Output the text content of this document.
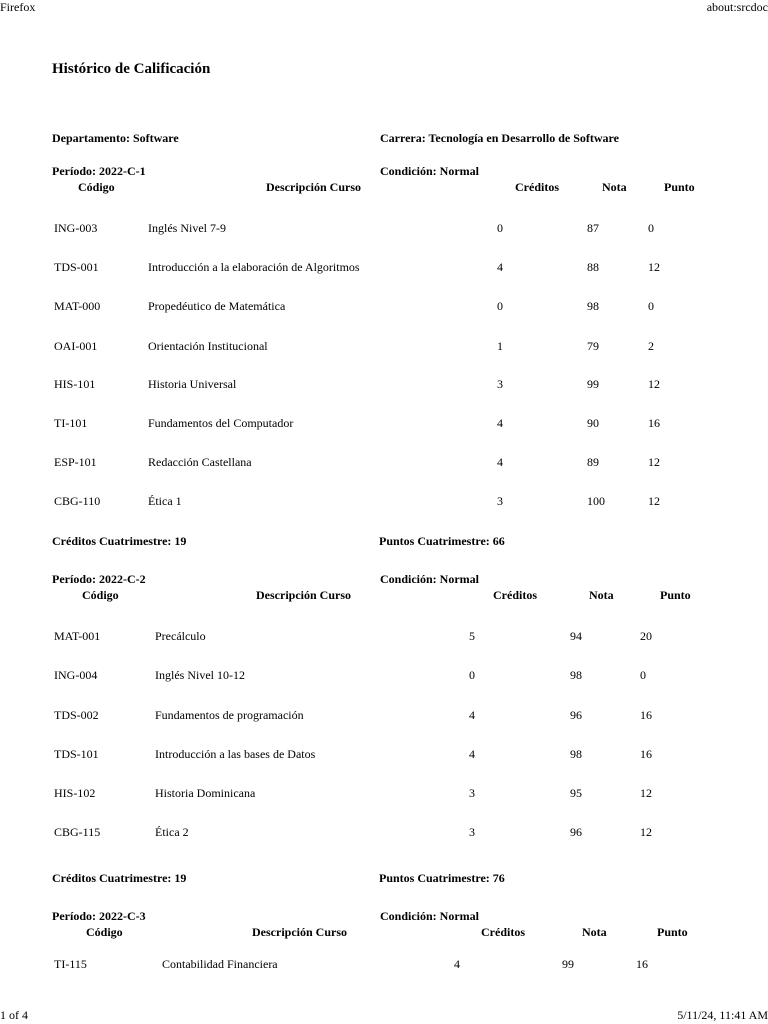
Firefox	about:srcdoc
Histórico de Calificación
Departamento: Software	Carrera: Tecnología en Desarrollo de Software
Período: 2022-C-1	Condición: Normal
Código	Descripción Curso	Créditos	Nota	Punto
ING-003	Inglés Nivel 7-9	0	87	0
TDS-001	Introducción a la elaboración de Algoritmos	4	88	12
MAT-000	Propedéutico de Matemática	0	98	0
OAI-001	Orientación Institucional	1	79	2
HIS-101	Historia Universal	3	99	12
TI-101	Fundamentos del Computador	4	90	16
ESP-101	Redacción Castellana	4	89	12
CBG-110	Ética 1	3	100	12
Créditos Cuatrimestre: 19	Puntos Cuatrimestre: 66
Período: 2022-C-2	Condición: Normal
Código	Descripción Curso	Créditos	Nota	Punto
MAT-001	Precálculo	5	94	20
ING-004	Inglés Nivel 10-12	0	98	0
TDS-002	Fundamentos de programación	4	96	16
TDS-101	Introducción a las bases de Datos	4	98	16
HIS-102	Historia Dominicana	3	95	12
CBG-115	Ética 2	3	96	12
Créditos Cuatrimestre: 19	Puntos Cuatrimestre: 76
Período: 2022-C-3	Condición: Normal
Código	Descripción Curso	Créditos	Nota	Punto
TI-115	Contabilidad Financiera	4	99	16
1 of 4	5/11/24, 11:41 AM
